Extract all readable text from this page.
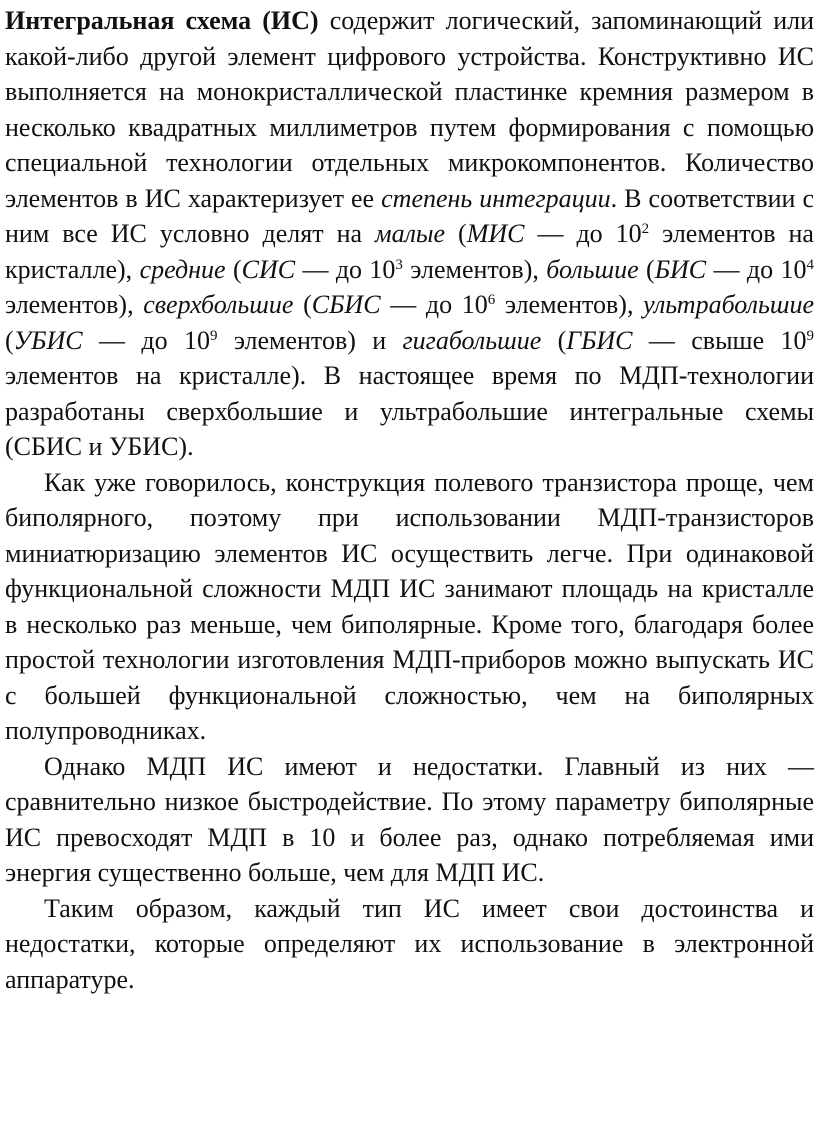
Интегральная схема (ИС) содержит логический, запоминающий или какой-либо другой элемент цифрового устройства. Конструктивно ИС выполняется на монокристаллической пластинке кремния размером в несколько квадратных миллиметров путем формирования с помощью специальной технологии отдельных микрокомпонентов. Количество элементов в ИС характеризует ее степень интеграции. В соответствии с ним все ИС условно делят на малые (МИС — до $10^2$ элементов на кристалле), средние (СИС — до $10^3$ элементов), большие (БИС — до $10^4$ элементов), сверхбольшие (СБИС — до $10^6$ элементов), ультрабольшие (УБИС — до $10^9$ элементов) и гигабольшие (ГБИС — свыше $10^9$ элементов на кристалле). В настоящее время по МДП-технологии разработаны сверхбольшие и ультрабольшие интегральные схемы (СБИС и УБИС).

Как уже говорилось, конструкция полевого транзистора проще, чем биполярного, поэтому при использовании МДП-транзисторов миниатюризацию элементов ИС осуществить легче. При одинаковой функциональной сложности МДП ИС занимают площадь на кристалле в несколько раз меньше, чем биполярные. Кроме того, благодаря более простой технологии изготовления МДП-приборов можно выпускать ИС с большей функциональной сложностью, чем на биполярных полупроводниках.

Однако МДП ИС имеют и недостатки. Главный из них — сравнительно низкое быстродействие. По этому параметру биполярные ИС превосходят МДП в 10 и более раз, однако потребляемая ими энергия существенно больше, чем для МДП ИС.

Таким образом, каждый тип ИС имеет свои достоинства и недостатки, которые определяют их использование в электронной аппаратуре.
